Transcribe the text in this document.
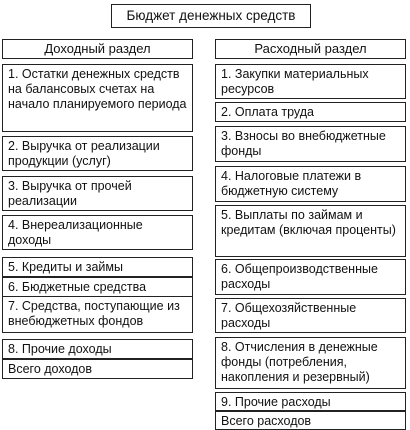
Бюджет денежных средств
Доходный раздел
1. Остатки денежных средств на балансовых счетах на начало планируемого периода
2. Выручка от реализации продукции (услуг)
3. Выручка от прочей реализации
4. Внереализационные доходы
5. Кредиты и займы
6. Бюджетные средства
7. Средства, поступающие из внебюджетных фондов
8. Прочие доходы
Всего доходов
Расходный раздел
1. Закупки материальных ресурсов
2. Оплата труда
3. Взносы во внебюджетные фонды
4. Налоговые платежи в бюджетную систему
5. Выплаты по займам и кредитам (включая проценты)
6. Общепроизводственные расходы
7. Общехозяйственные расходы
8. Отчисления в денежные фонды (потребления, накопления и резервный)
9. Прочие расходы
Всего расходов
